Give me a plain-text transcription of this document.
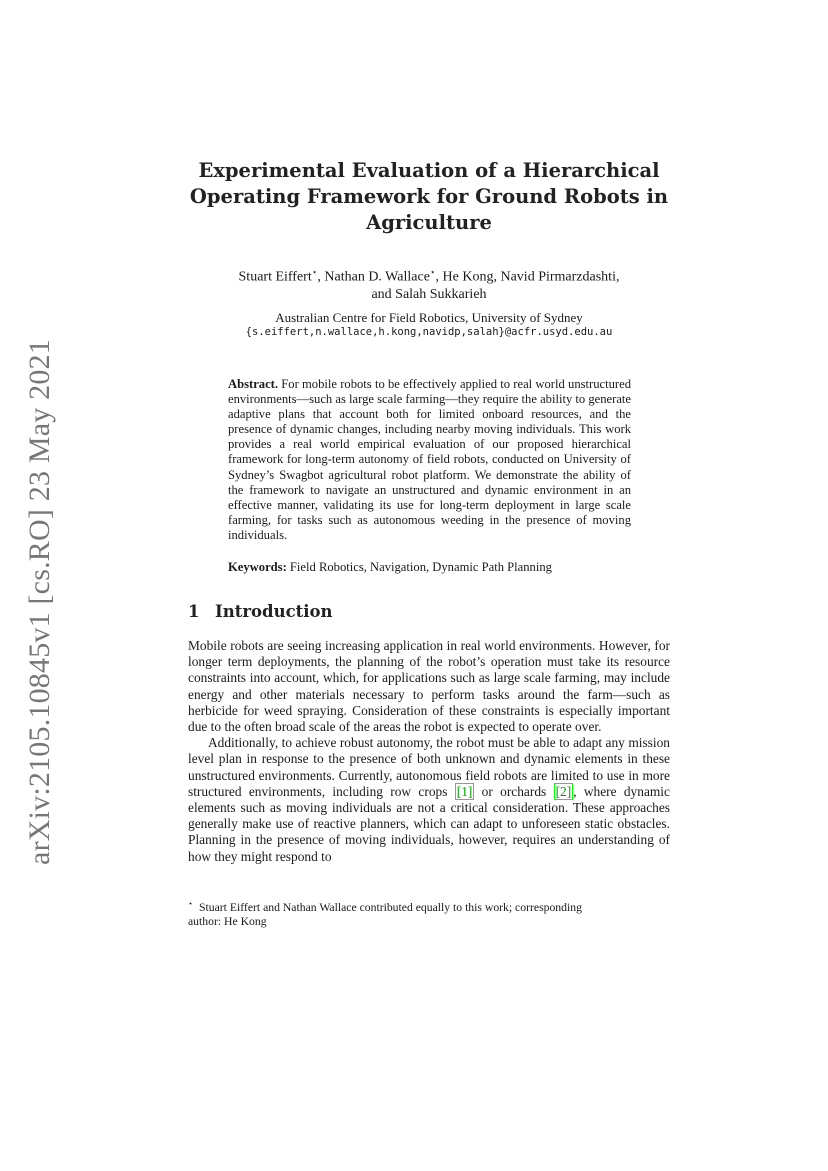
arXiv:2105.10845v1 [cs.RO] 23 May 2021
Experimental Evaluation of a Hierarchical
Operating Framework for Ground Robots in
Agriculture
Stuart Eiffert⋆, Nathan D. Wallace⋆, He Kong, Navid Pirmarzdashti,
and Salah Sukkarieh
Australian Centre for Field Robotics, University of Sydney
{s.eiffert,n.wallace,h.kong,navidp,salah}@acfr.usyd.edu.au
Abstract. For mobile robots to be effectively applied to real world unstructured environments—such as large scale farming—they require the ability to generate adaptive plans that account both for limited onboard resources, and the presence of dynamic changes, including nearby moving individuals. This work provides a real world empirical evaluation of our proposed hierarchical framework for long-term autonomy of field robots, conducted on University of Sydney’s Swagbot agricultural robot platform. We demonstrate the ability of the framework to navigate an unstructured and dynamic environment in an effective manner, validating its use for long-term deployment in large scale farming, for tasks such as autonomous weeding in the presence of moving individuals.
Keywords: Field Robotics, Navigation, Dynamic Path Planning
1 Introduction

Mobile robots are seeing increasing application in real world environments. However, for longer term deployments, the planning of the robot’s operation must take its resource constraints into account, which, for applications such as large scale farming, may include energy and other materials necessary to perform tasks around the farm—such as herbicide for weed spraying. Consideration of these constraints is especially important due to the often broad scale of the areas the robot is expected to operate over.

Additionally, to achieve robust autonomy, the robot must be able to adapt any mission level plan in response to the presence of both unknown and dynamic elements in these unstructured environments. Currently, autonomous field robots are limited to use in more structured environments, including row crops [1] or orchards [2] , where dynamic elements such as moving individuals are not a critical consideration. These approaches generally make use of reactive planners, which can adapt to unforeseen static obstacles. Planning in the presence of moving individuals, however, requires an understanding of how they might respond to

⋆ Stuart Eiffert and Nathan Wallace contributed equally to this work; corresponding
author: He Kong
